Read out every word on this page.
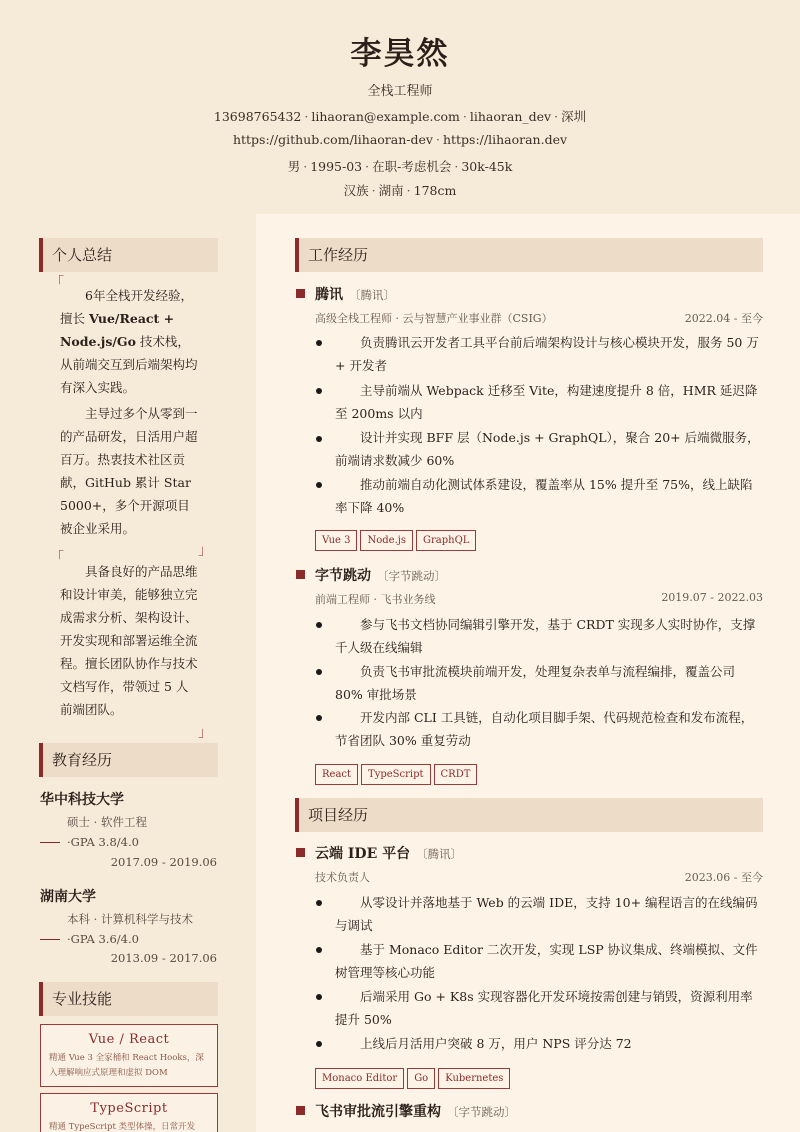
李昊然
全栈工程师
13698765432 · lihaoran@example.com · lihaoran_dev · 深圳
https://github.com/lihaoran-dev · https://lihaoran.dev
男 · 1995-03 · 在职-考虑机会 · 30k-45k
汉族 · 湖南 · 178cm
个人总结
「

6年全栈开发经验，擅长 Vue/React + Node.js/Go 技术栈，从前端交互到后端架构均有深入实践。

主导过多个从零到一的产品研发，日活用户超百万。热衷技术社区贡献，GitHub 累计 Star 5000+，多个开源项目被企业采用。

「	」

具备良好的产品思维和设计审美，能够独立完成需求分析、架构设计、开发实现和部署运维全流程。擅长团队协作与技术文档写作，带领过 5 人前端团队。

」
教育经历
华中科技大学
硕士 · 软件工程
·GPA 3.8/4.0
2017.09 - 2019.06
湖南大学
本科 · 计算机科学与技术
·GPA 3.6/4.0
2013.09 - 2017.06
专业技能
Vue / React
精通 Vue 3 全家桶和 React Hooks，深入理解响应式原理和虚拟 DOM
TypeScript
精通 TypeScript 类型体操，日常开发
工作经历
腾讯 〔腾讯〕
高级全栈工程师 · 云与智慧产业事业群（CSIG）	2022.04 - 至今
负责腾讯云开发者工具平台前后端架构设计与核心模块开发，服务 50 万+ 开发者
主导前端从 Webpack 迁移至 Vite，构建速度提升 8 倍，HMR 延迟降至 200ms 以内
设计并实现 BFF 层（Node.js + GraphQL），聚合 20+ 后端微服务，前端请求数减少 60%
推动前端自动化测试体系建设，覆盖率从 15% 提升至 75%，线上缺陷率下降 40%
Vue 3 Node.js GraphQL
字节跳动 〔字节跳动〕
前端工程师 · 飞书业务线	2019.07 - 2022.03
参与飞书文档协同编辑引擎开发，基于 CRDT 实现多人实时协作，支撑千人级在线编辑
负责飞书审批流模块前端开发，处理复杂表单与流程编排，覆盖公司 80% 审批场景
开发内部 CLI 工具链，自动化项目脚手架、代码规范检查和发布流程，节省团队 30% 重复劳动
React TypeScript CRDT
项目经历
云端 IDE 平台 〔腾讯〕
技术负责人	2023.06 - 至今
从零设计并落地基于 Web 的云端 IDE，支持 10+ 编程语言的在线编码与调试
基于 Monaco Editor 二次开发，实现 LSP 协议集成、终端模拟、文件树管理等核心功能
后端采用 Go + K8s 实现容器化开发环境按需创建与销毁，资源利用率提升 50%
上线后月活用户突破 8 万，用户 NPS 评分达 72
Monaco Editor Go Kubernetes
飞书审批流引擎重构 〔字节跳动〕
